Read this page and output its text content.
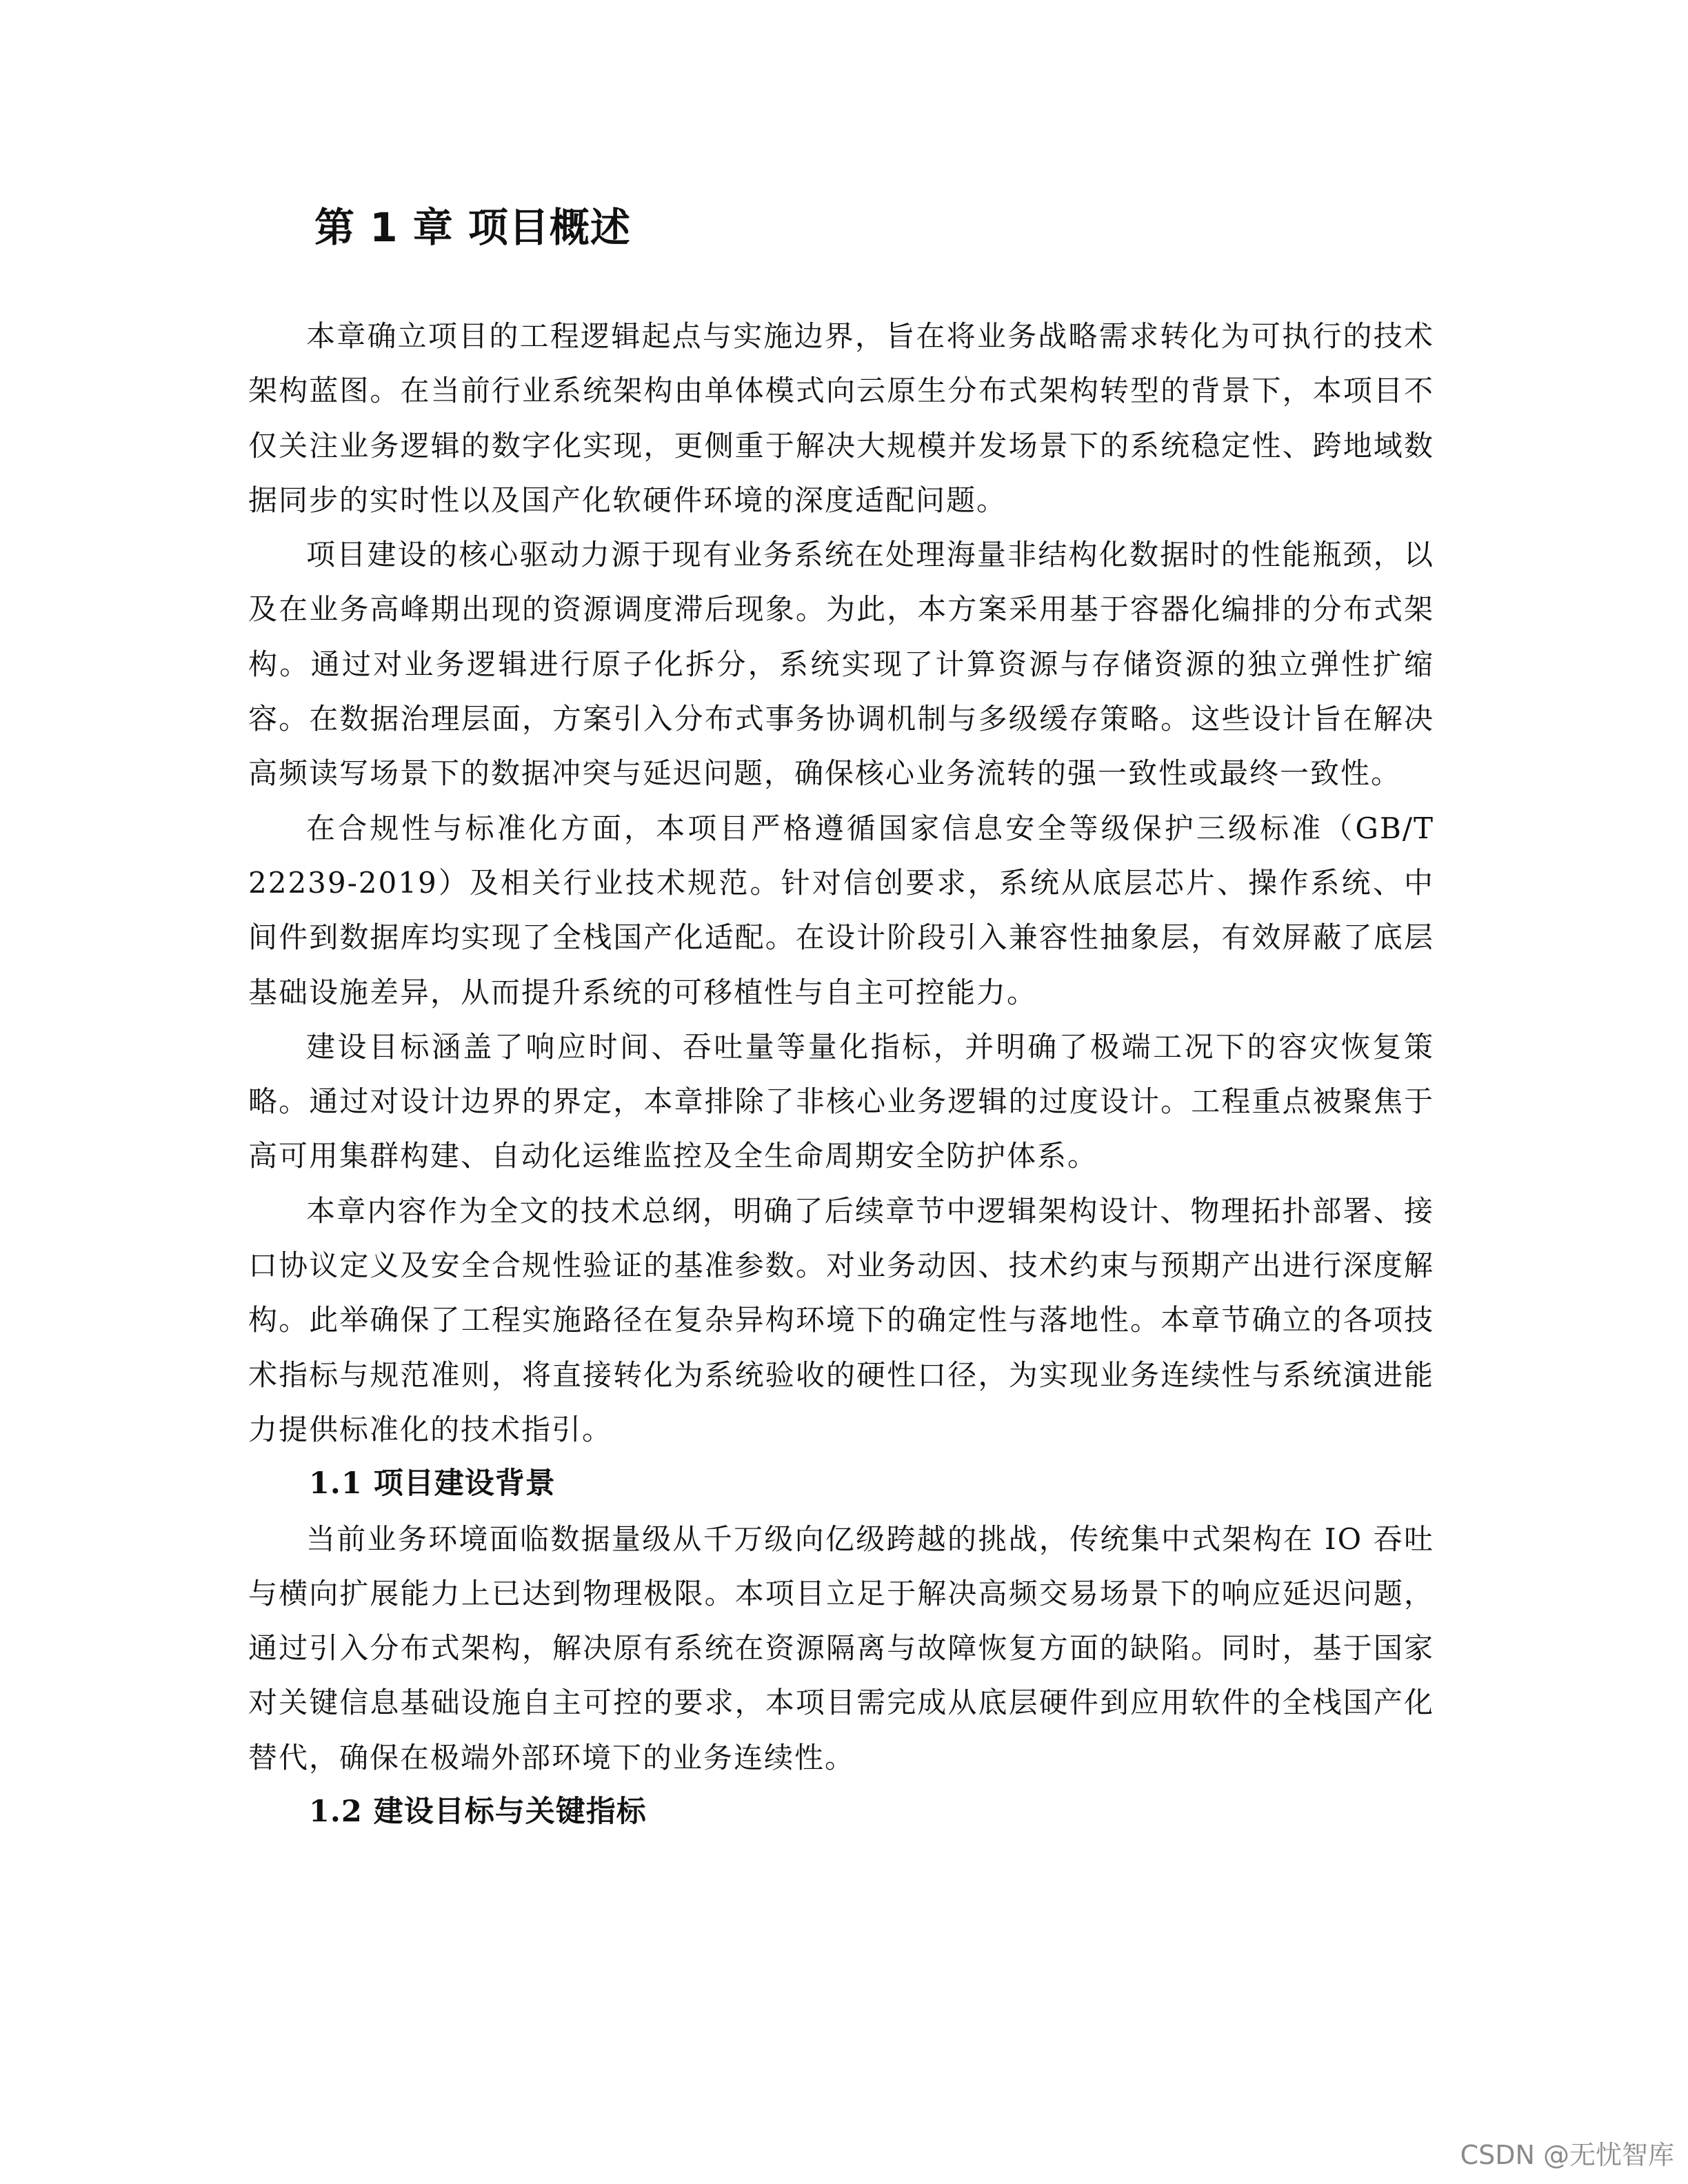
第 1 章 项目概述

本章确立项目的工程逻辑起点与实施边界，旨在将业务战略需求转化为可执行的技术架构蓝图。在当前行业系统架构由单体模式向云原生分布式架构转型的背景下，本项目不仅关注业务逻辑的数字化实现，更侧重于解决大规模并发场景下的系统稳定性、跨地域数据同步的实时性以及国产化软硬件环境的深度适配问题。

项目建设的核心驱动力源于现有业务系统在处理海量非结构化数据时的性能瓶颈，以及在业务高峰期出现的资源调度滞后现象。为此，本方案采用基于容器化编排的分布式架构。通过对业务逻辑进行原子化拆分，系统实现了计算资源与存储资源的独立弹性扩缩容。在数据治理层面，方案引入分布式事务协调机制与多级缓存策略。这些设计旨在解决高频读写场景下的数据冲突与延迟问题，确保核心业务流转的强一致性或最终一致性。

在合规性与标准化方面，本项目严格遵循国家信息安全等级保护三级标准（GB/T 22239-2019）及相关行业技术规范。针对信创要求，系统从底层芯片、操作系统、中间件到数据库均实现了全栈国产化适配。在设计阶段引入兼容性抽象层，有效屏蔽了底层基础设施差异，从而提升系统的可移植性与自主可控能力。

建设目标涵盖了响应时间、吞吐量等量化指标，并明确了极端工况下的容灾恢复策略。通过对设计边界的界定，本章排除了非核心业务逻辑的过度设计。工程重点被聚焦于高可用集群构建、自动化运维监控及全生命周期安全防护体系。

本章内容作为全文的技术总纲，明确了后续章节中逻辑架构设计、物理拓扑部署、接口协议定义及安全合规性验证的基准参数。对业务动因、技术约束与预期产出进行深度解构。此举确保了工程实施路径在复杂异构环境下的确定性与落地性。本章节确立的各项技术指标与规范准则，将直接转化为系统验收的硬性口径，为实现业务连续性与系统演进能力提供标准化的技术指引。

1.1 项目建设背景

当前业务环境面临数据量级从千万级向亿级跨越的挑战，传统集中式架构在 IO 吞吐与横向扩展能力上已达到物理极限。本项目立足于解决高频交易场景下的响应延迟问题，通过引入分布式架构，解决原有系统在资源隔离与故障恢复方面的缺陷。同时，基于国家对关键信息基础设施自主可控的要求，本项目需完成从底层硬件到应用软件的全栈国产化替代，确保在极端外部环境下的业务连续性。

1.2 建设目标与关键指标
CSDN @无忧智库
